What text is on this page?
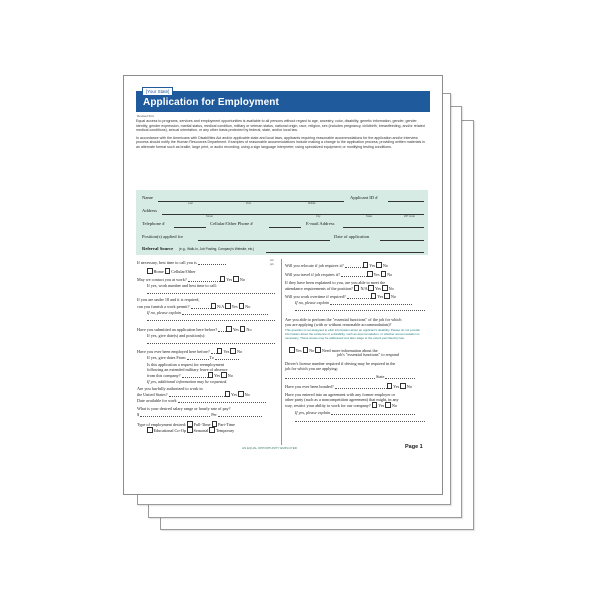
[Your State]
Application for Employment
Revised 9/xx

Equal access to programs, services and employment opportunities is available to all persons without regard to age, ancestry, color, disability, genetic information, gender, gender identity, gender expression, marital status, medical condition, military or veteran status, national origin, race, religion, sex (includes pregnancy, childbirth, breastfeeding, and/or related medical conditions), sexual orientation, or any other basis protected by federal, state, and/or local law.

In accordance with the Americans with Disabilities Act and/or applicable state and local laws, applicants requiring reasonable accommodations for the application and/or interview process should notify the Human Resources Department. Examples of reasonable accommodations include making a change to the application process; providing written materials in an alternate format such as braille, large print, or audio recording; using a sign language interpreter; using specialized equipment; or modifying testing conditions.

Name
Last	First	Middle
Applicant ID #
Address
Street	City	State	ZIP Code
Telephone #	Cellular/Other Phone #	E-mail Address
Position(s) applied for	Date of application
Referral Source (e.g., Walk-In, Job Posting, Company's Website, etc.)
If necessary, best time to call you is	am
pm
Home Cellular/Other
May we contact you at work?	Yes No
If yes, work number and best time to call:
If you are under 18 and it is required,
can you furnish a work permit?	N/A Yes No
If no, please explain
Have you submitted an application here before?	Yes No
If yes, give date(s) and position(s):
Have you ever been employed here before?	Yes No
If yes, give dates From	To
Is this application a request for reemployment
following an extended military leave of absence
from this company?	Yes No
If yes, additional information may be requested.
Are you lawfully authorized to work in
the United States?	Yes No
Date available for work
What is your desired salary range or hourly rate of pay?
$	Per
Type of employment desired: Full-Time Part-Time
Educational Co-Op Seasonal Temporary
Will you relocate if job requires it?	Yes No
Will you travel if job requires it?	Yes No
If they have been explained to you, are you able to meet the
attendance requirements of the position? N/A Yes No
Will you work overtime if required?	Yes No
If no, please explain
Are you able to perform the "essential functions" of the job for which
you are applying (with or without reasonable accommodation)?
This question is not designed to elicit information about an applicant's disability. Please do not provide information about the existence of a disability, such as accommodation, or whether accommodation is necessary. These issues may be addressed at a later stage to the extent permitted by law.
Yes No Need more information about the
job's "essential functions" to respond
Driver's license number required if driving may be required in the
job for which you are applying:
State
Have you ever been bonded?	Yes No
Have you entered into an agreement with any former employer or
other party (such as a noncompetition agreement) that might, in any
way, restrict your ability to work for our company? Yes No
If yes, please explain
AN EQUAL OPPORTUNITY EMPLOYER	Page 1
